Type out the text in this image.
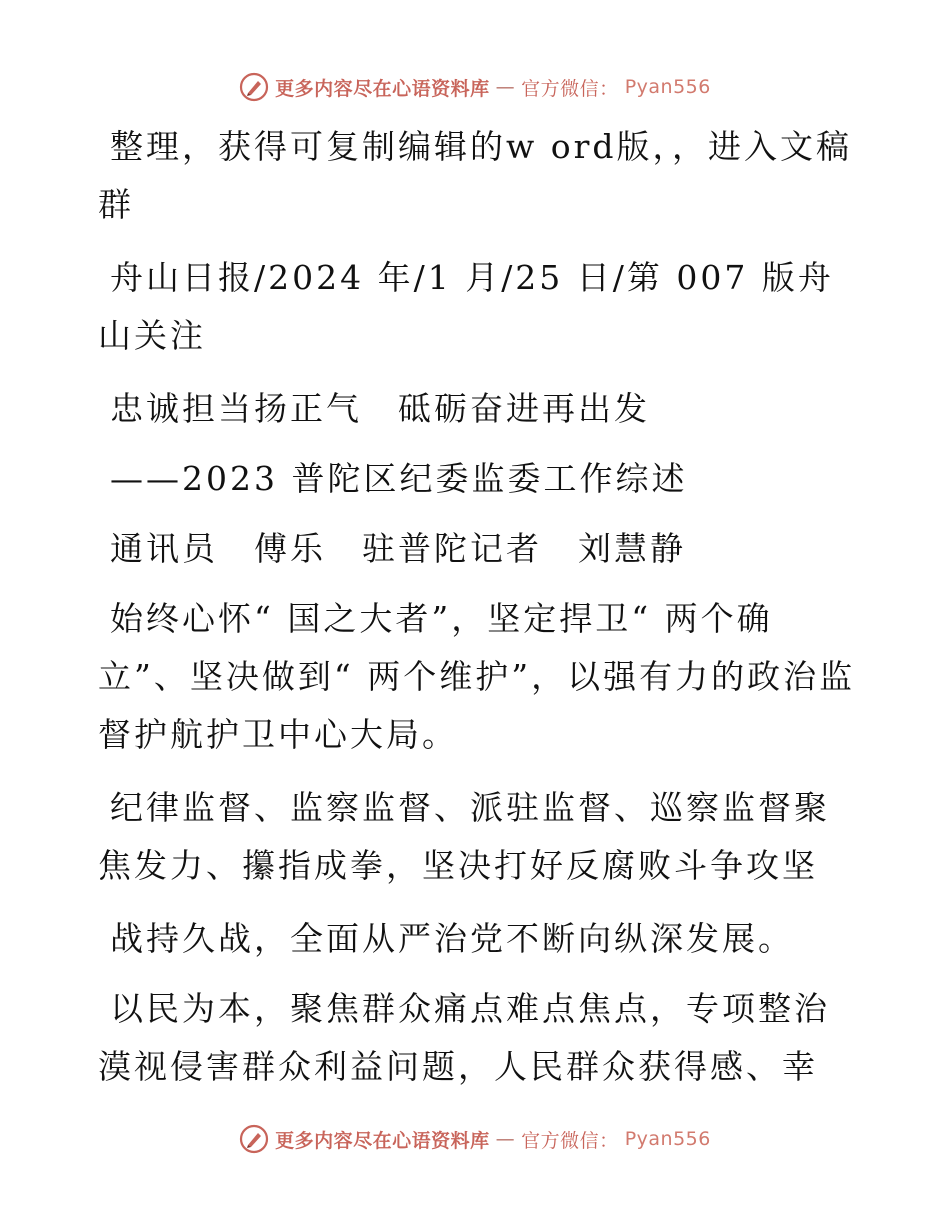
更多内容尽在心语资料库 — 官方微信： Pyan556

整理，获得可复制编辑的w ord版，，进入文稿群

舟山日报/2024 年/1 月/25 日/第 007 版舟山关注

忠诚担当扬正气　砥砺奋进再出发

——2023 普陀区纪委监委工作综述

通讯员　傅乐　驻普陀记者　刘慧静

始终心怀“ 国之大者”，坚定捍卫“ 两个确立”、坚决做到“ 两个维护”，以强有力的政治监督护航护卫中心大局。

纪律监督、监察监督、派驻监督、巡察监督聚焦发力、攥指成拳，坚决打好反腐败斗争攻坚

战持久战，全面从严治党不断向纵深发展。

以民为本，聚焦群众痛点难点焦点，专项整治漠视侵害群众利益问题，人民群众获得感、幸

更多内容尽在心语资料库 — 官方微信： Pyan556
